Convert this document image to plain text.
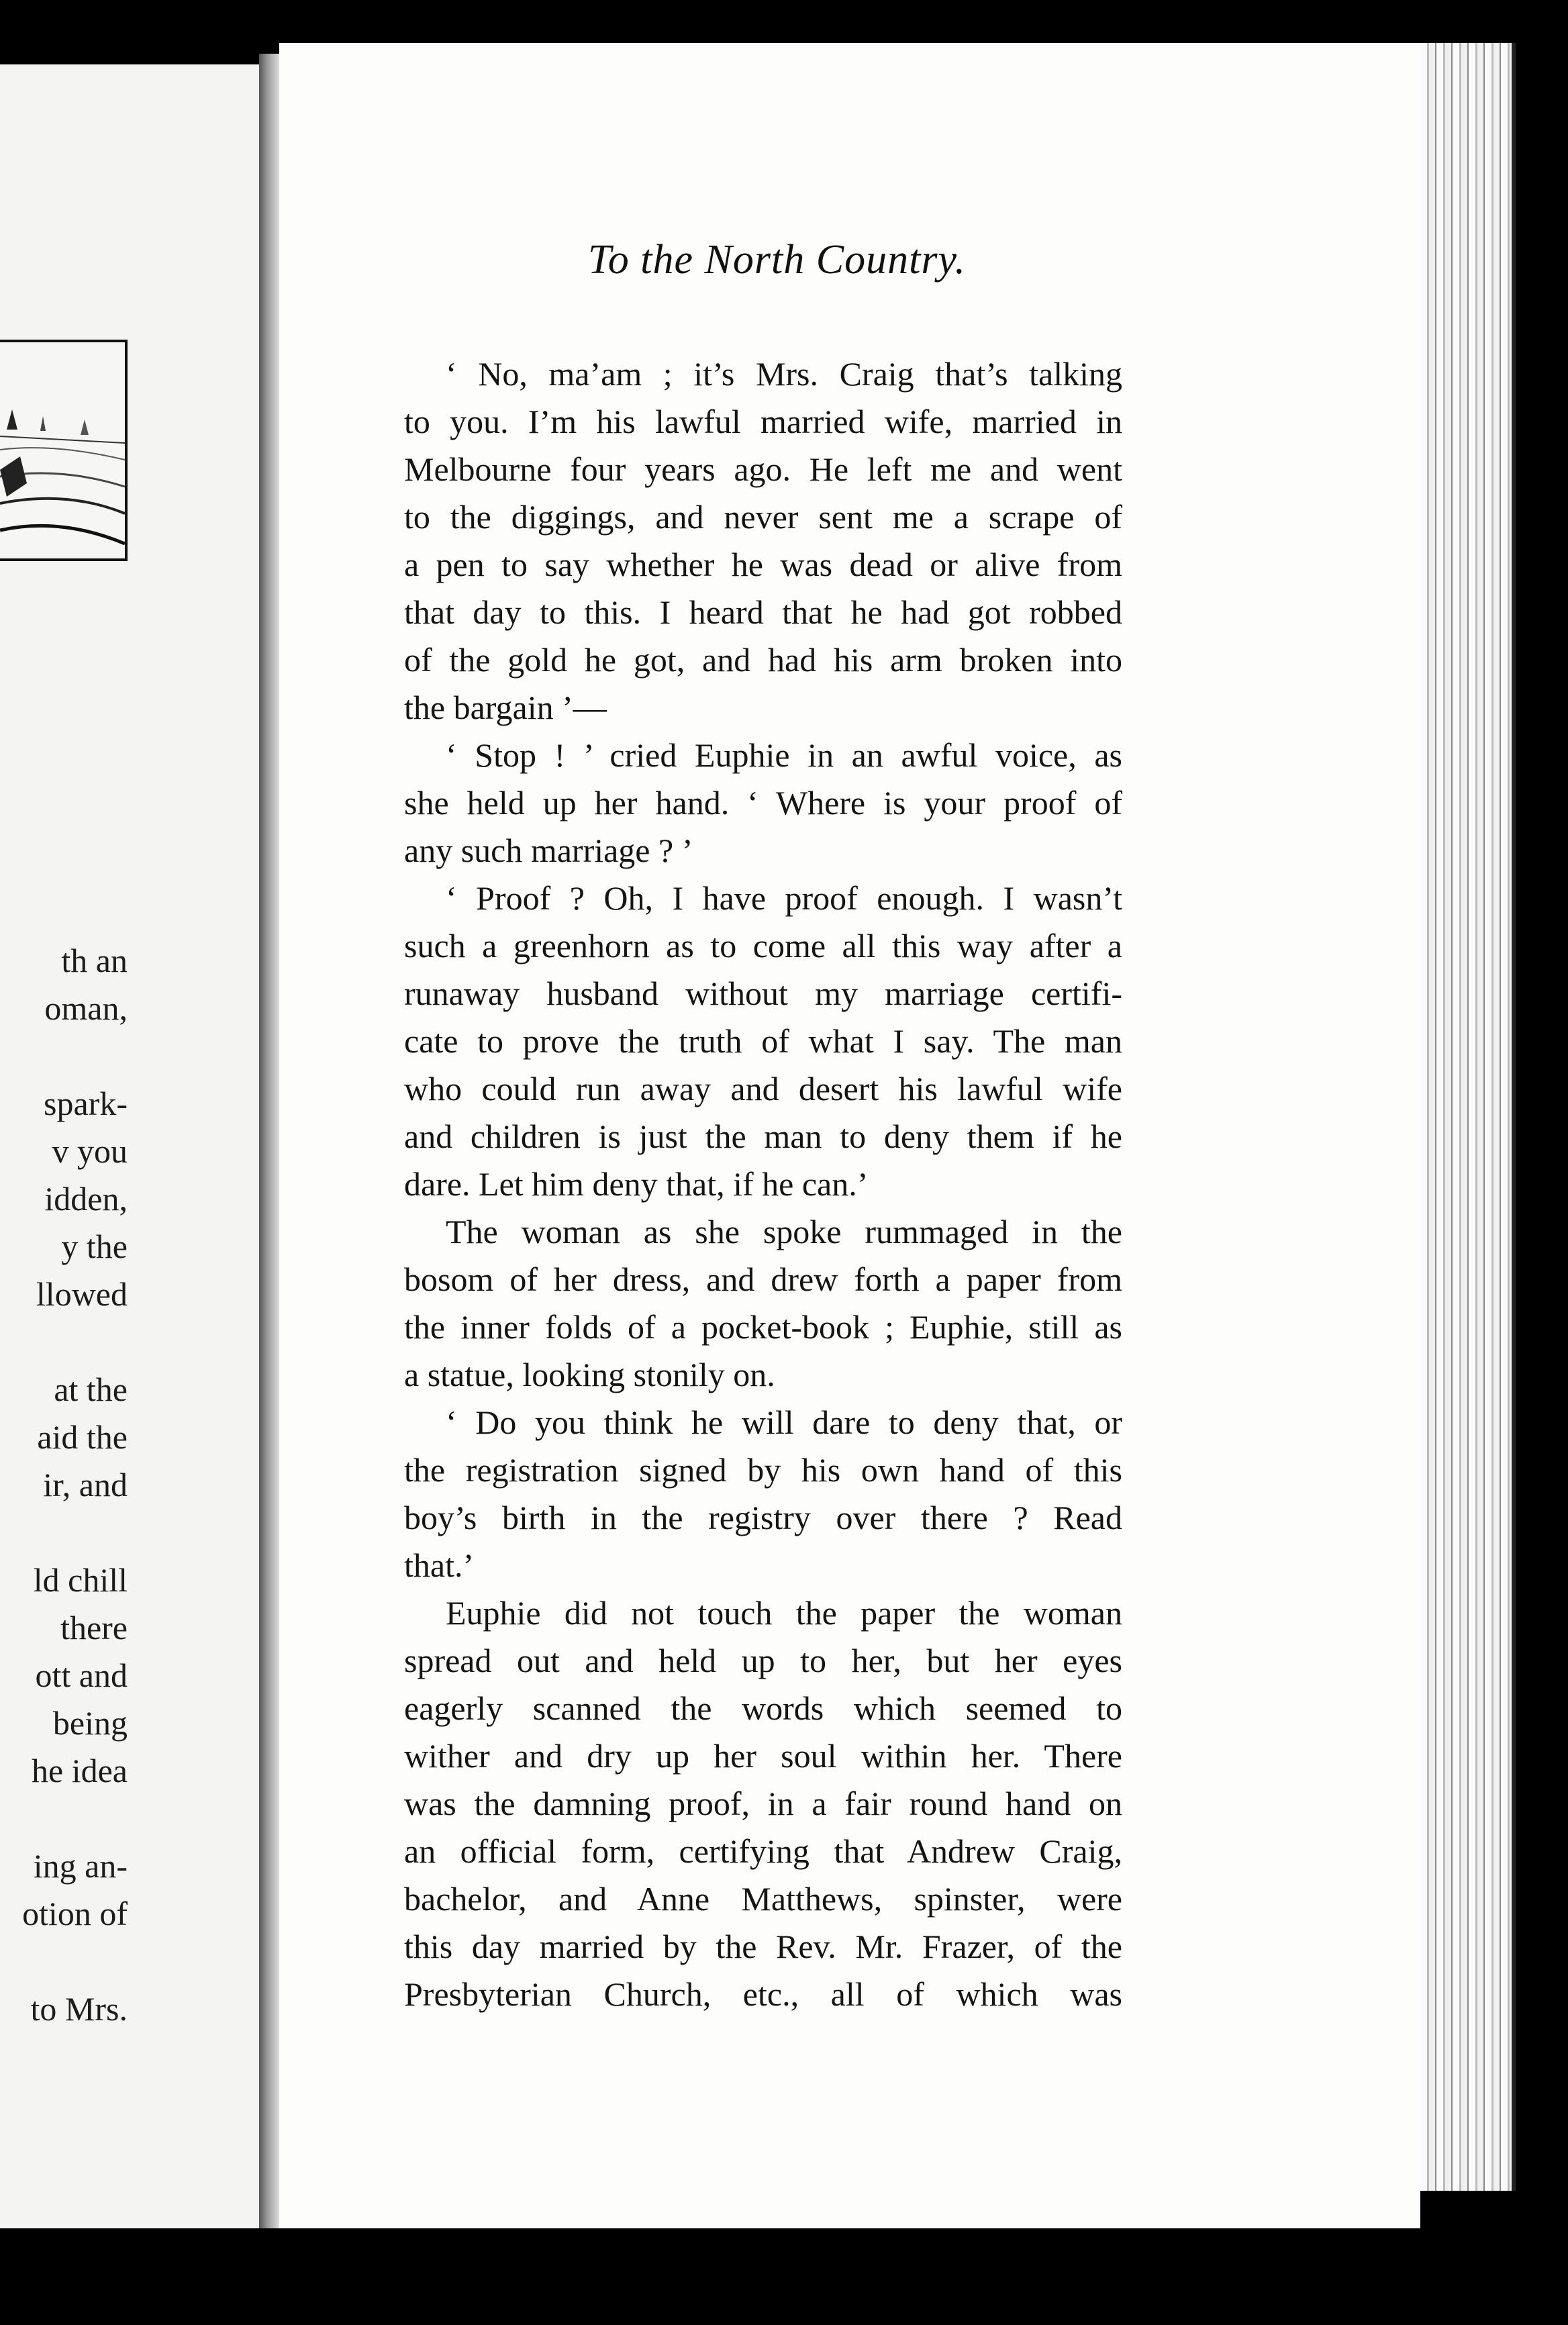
th an
oman,
spark-
v you
idden,
y the
llowed
at the
aid the
ir, and
ld chill
there
ott and
being
he idea
ing an-
otion of
to Mrs.
To the North Country.
‘ No, ma’am ; it’s Mrs. Craig that’s talking
to you. I’m his lawful married wife, married in
Melbourne four years ago. He left me and went
to the diggings, and never sent me a scrape of
a pen to say whether he was dead or alive from
that day to this. I heard that he had got robbed
of the gold he got, and had his arm broken into
the bargain ’—
‘ Stop ! ’ cried Euphie in an awful voice, as
she held up her hand. ‘ Where is your proof of
any such marriage ? ’
‘ Proof ? Oh, I have proof enough. I wasn’t
such a greenhorn as to come all this way after a
runaway husband without my marriage certifi-
cate to prove the truth of what I say. The man
who could run away and desert his lawful wife
and children is just the man to deny them if he
dare. Let him deny that, if he can.’
The woman as she spoke rummaged in the
bosom of her dress, and drew forth a paper from
the inner folds of a pocket-book ; Euphie, still as
a statue, looking stonily on.
‘ Do you think he will dare to deny that, or
the registration signed by his own hand of this
boy’s birth in the registry over there ? Read
that.’
Euphie did not touch the paper the woman
spread out and held up to her, but her eyes
eagerly scanned the words which seemed to
wither and dry up her soul within her. There
was the damning proof, in a fair round hand on
an official form, certifying that Andrew Craig,
bachelor, and Anne Matthews, spinster, were
this day married by the Rev. Mr. Frazer, of the
Presbyterian Church, etc., all of which was
